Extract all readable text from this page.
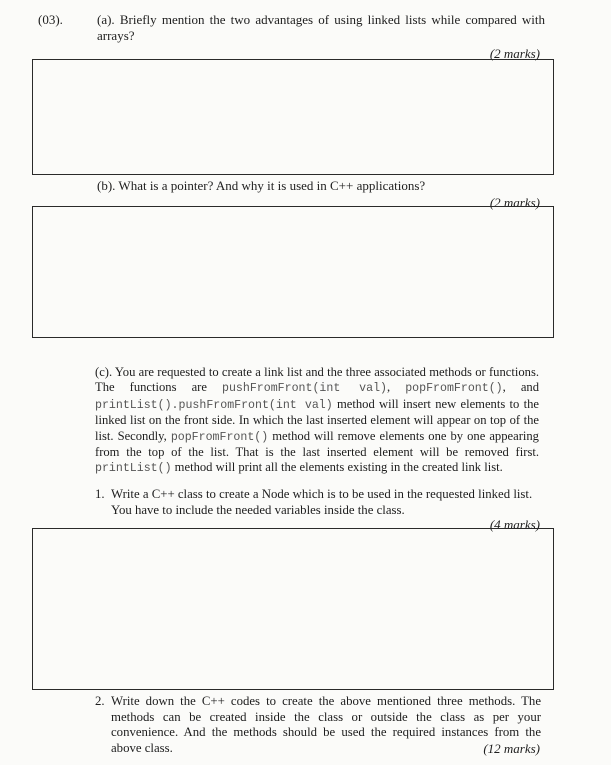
(03).	(a). Briefly mention the two advantages of using linked lists while compared with arrays?
(2 marks)
(b). What is a pointer? And why it is used in C++ applications?
(2 marks)
(c). You are requested to create a link list and the three associated methods or functions. The functions are pushFromFront(int val), popFromFront(), and printList().pushFromFront(int val) method will insert new elements to the linked list on the front side. In which the last inserted element will appear on top of the list. Secondly, popFromFront() method will remove elements one by one appearing from the top of the list. That is the last inserted element will be removed first. printList() method will print all the elements existing in the created link list.
1. Write a C++ class to create a Node which is to be used in the requested linked list. You have to include the needed variables inside the class.
(4 marks)
2. Write down the C++ codes to create the above mentioned three methods. The methods can be created inside the class or outside the class as per your convenience. And the methods should be used the required instances from the above class.	(12 marks)
